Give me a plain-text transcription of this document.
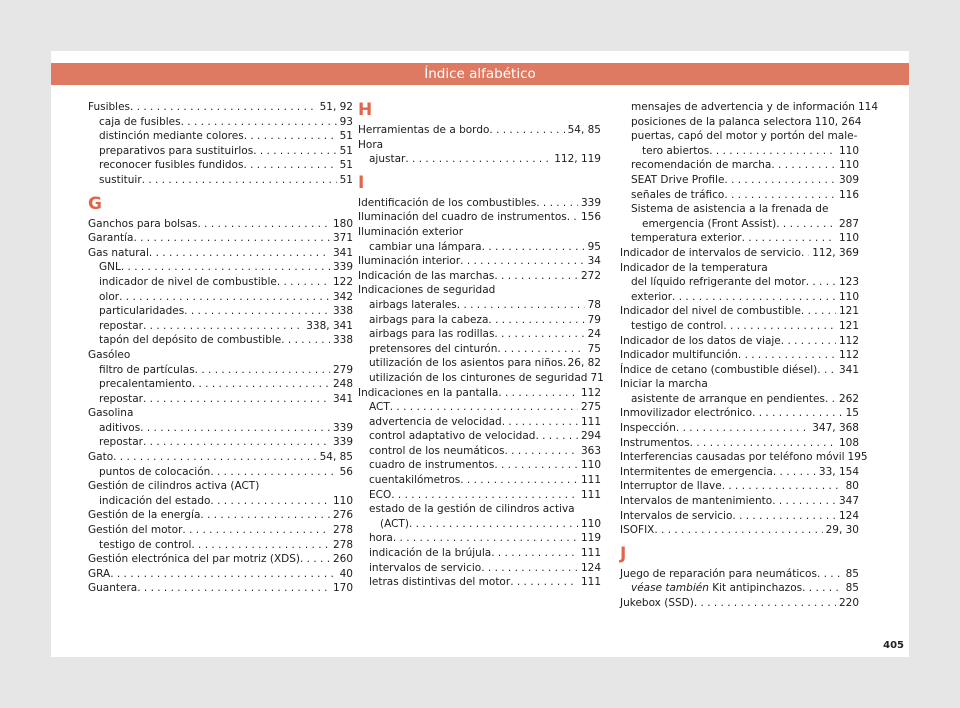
Índice alfabético
Fusibles . . .	51, 92
caja de fusibles . . .	93
distinción mediante colores . . .	51
preparativos para sustituirlos . . .	51
reconocer fusibles fundidos . . .	51
sustituir . . .	51
G
Ganchos para bolsas . . .	180
Garantía . . .	371
Gas natural . . .	341
GNL . . .	339
indicador de nivel de combustible . . .	122
olor . . .	342
particularidades . . .	338
repostar . . .	338, 341
tapón del depósito de combustible . . .	338
Gasóleo
filtro de partículas . . .	279
precalentamiento . . .	248
repostar . . .	341
Gasolina
aditivos . . .	339
repostar . . .	339
Gato . . .	54, 85
puntos de colocación . . .	56
Gestión de cilindros activa (ACT)
indicación del estado . . .	110
Gestión de la energía . . .	276
Gestión del motor . . .	278
testigo de control . . .	278
Gestión electrónica del par motriz (XDS) . . .	260
GRA . . .	40
Guantera . . .	170
H
Herramientas de a bordo . . .	54, 85
Hora
ajustar . . .	112, 119
I
Identificación de los combustibles . . .	339
Iluminación del cuadro de instrumentos . . . 156
Iluminación exterior
cambiar una lámpara . . .	95
Iluminación interior . . .	34
Indicación de las marchas . . .	272
Indicaciones de seguridad
airbags laterales . . .	78
airbags para la cabeza . . .	79
airbags para las rodillas . . .	24
pretensores del cinturón . . .	75
utilización de los asientos para niños . . . 26, 82
utilización de los cinturones de seguridad 71
Indicaciones en la pantalla . . .	112
ACT . . .	275
advertencia de velocidad . . .	111
control adaptativo de velocidad . . .	294
control de los neumáticos . . .	363
cuadro de instrumentos . . .	110
cuentakilómetros . . .	111
ECO . . .	111
estado de la gestión de cilindros activa
(ACT) . . .	110
hora . . .	119
indicación de la brújula . . .	111
intervalos de servicio . . .	124
letras distintivas del motor . . .	111
mensajes de advertencia y de información 114
posiciones de la palanca selectora 110, 264
puertas, capó del motor y portón del male-
tero abiertos . . .	110
recomendación de marcha . . .	110
SEAT Drive Profile . . .	309
señales de tráfico . . .	116
Sistema de asistencia a la frenada de
emergencia (Front Assist) . . .	287
temperatura exterior . . .	110
Indicador de intervalos de servicio . . . 112, 369
Indicador de la temperatura
del líquido refrigerante del motor . . .	123
exterior . . .	110
Indicador del nivel de combustible . . .	121
testigo de control . . .	121
Indicador de los datos de viaje . . .	112
Indicador multifunción . . .	112
Índice de cetano (combustible diésel) . . . 341
Iniciar la marcha
asistente de arranque en pendientes . . . 262
Inmovilizador electrónico . . .	15
Inspección . . .	347, 368
Instrumentos . . .	108
Interferencias causadas por teléfono móvil 195
Intermitentes de emergencia . . .	33, 154
Interruptor de llave . . .	80
Intervalos de mantenimiento . . .	347
Intervalos de servicio . . .	124
ISOFIX . . .	29, 30
J
Juego de reparación para neumáticos . . .	85
véase también Kit antipinchazos . . .	85
Jukebox (SSD) . . .	220
405
